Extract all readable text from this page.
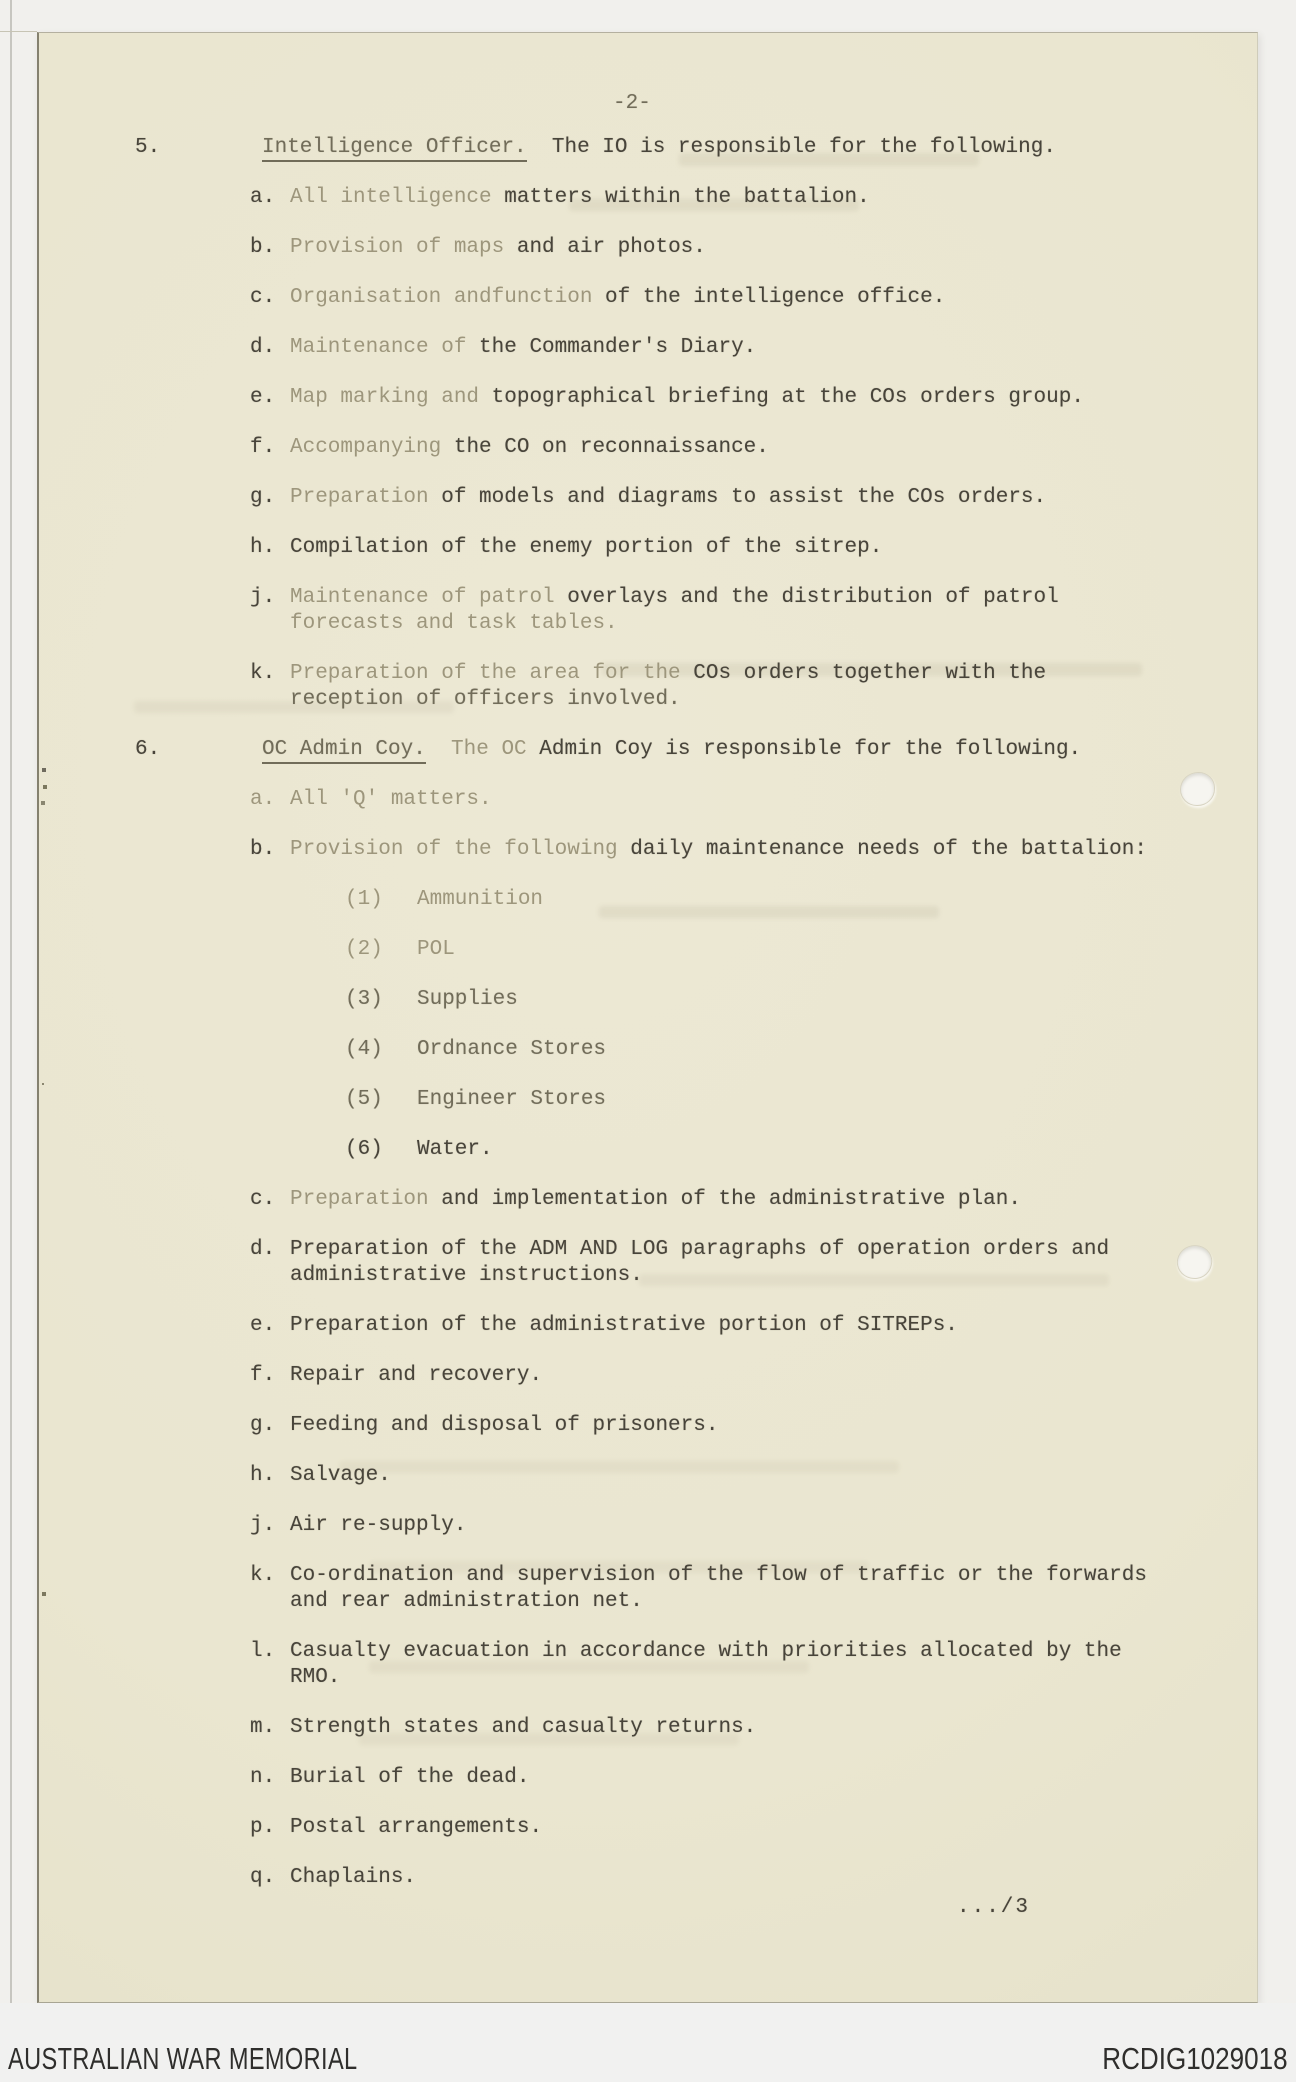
-2-
5.	Intelligence Officer. The IO is responsible for the following.
a. All intelligence matters within the battalion.
b. Provision of maps and air photos.
c. Organisation andfunction of the intelligence office.
d. Maintenance of the Commander's Diary.
e. Map marking and topographical briefing at the COs orders group.
f. Accompanying the CO on reconnaissance.
g. Preparation of models and diagrams to assist the COs orders.
h. Compilation of the enemy portion of the sitrep.
j. Maintenance of patrol overlays and the distribution of patrol
forecasts and task tables.
k. Preparation of the area for the COs orders together with the
reception of officers involved.
6.	OC Admin Coy. The OC Admin Coy is responsible for the following.
a. All 'Q' matters.
b. Provision of the following daily maintenance needs of the battalion:
(1) Ammunition
(2) POL
(3) Supplies
(4) Ordnance Stores
(5) Engineer Stores
(6) Water.
c. Preparation and implementation of the administrative plan.
d. Preparation of the ADM AND LOG paragraphs of operation orders and
administrative instructions.
e. Preparation of the administrative portion of SITREPs.
f. Repair and recovery.
g. Feeding and disposal of prisoners.
h. Salvage.
j. Air re-supply.
k. Co-ordination and supervision of the flow of traffic or the forwards
and rear administration net.
l. Casualty evacuation in accordance with priorities allocated by the
RMO.
m. Strength states and casualty returns.
n. Burial of the dead.
p. Postal arrangements.
q. Chaplains.
.../3
AUSTRALIAN WAR MEMORIAL	RCDIG1029018
